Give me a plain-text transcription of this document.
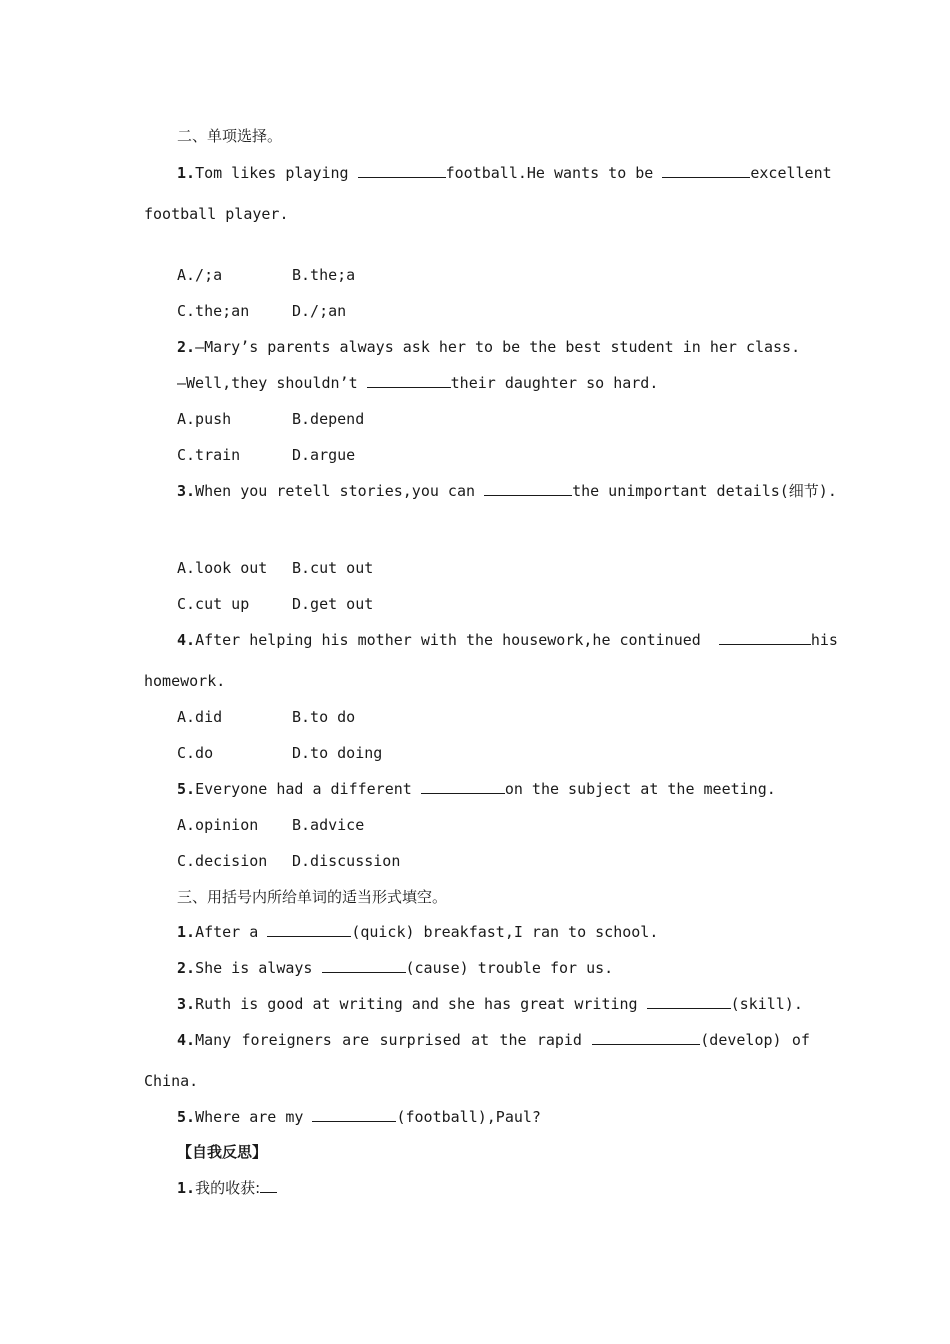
二、单项选择。
1.Tom likes playing	football.He wants to be	excellent
football player.
A./;a	B.the;a
C.the;an	D./;an
2.—Mary’s parents always ask her to be the best student in her class.
—Well,they shouldn’t	their daughter so hard.
A.push	B.depend
C.train	D.argue
3.When you retell stories,you can	the unimportant details(细节).
A.look out B.cut out
C.cut up	D.get out
4.After helping his mother with the housework,he continued	his
homework.
A.did	B.to do
C.do	D.to doing
5.Everyone had a different	on the subject at the meeting.
A.opinion B.advice
C.decision D.discussion
三、用括号内所给单词的适当形式填空。
1.After a	(quick) breakfast,I ran to school.
2.She is always	(cause) trouble for us.
3.Ruth is good at writing and she has great writing	(skill).
4.Many foreigners are surprised at the rapid	(develop) of
China.
5.Where are my	(football),Paul?
【自我反思】
1.我的收获:
